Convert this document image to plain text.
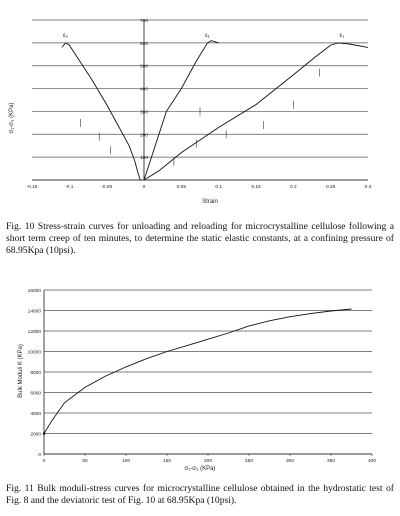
100
200
300
400
500
600
700
-0.15	-0.1	-0.05	0	0.05	0.1	0.15	0.2	0.25	0.3
ε₂	ε₁	ε₁
Strain
σ₁-σ₃ (KPa)
Fig. 10 Stress-strain curves for unloading and reloading for microcrystalline cellulose following a short term creep of ten minutes, to determine the static elastic constants, at a confining pressure of 68.95Kpa (10psi).
0
2000
4000
6000
8000
10000
12000
14000
16000
0	50	100	150	200	250	300	350	400
σ₁-σ₃ (KPa)
Bulk Moduli K (KPa)
Fig. 11 Bulk moduli-stress curves for microcrystalline cellulose obtained in the hydrostatic test of Fig. 8 and the deviatoric test of Fig. 10 at 68.95Kpa (10psi).
